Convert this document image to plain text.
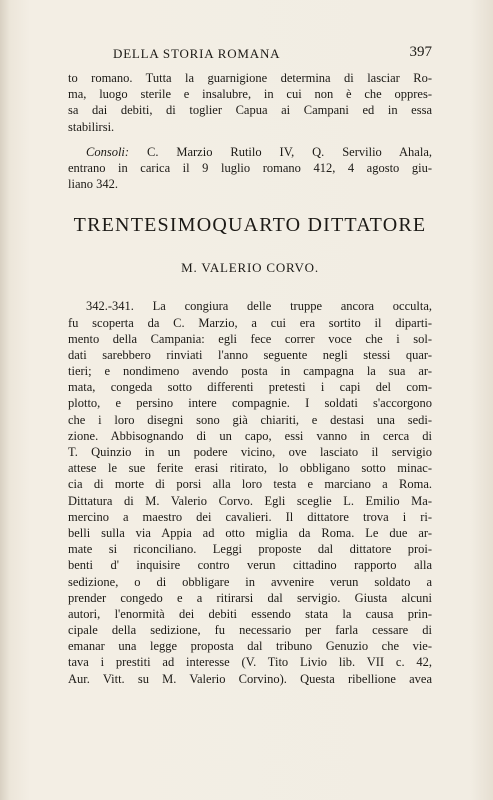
DELLA STORIA ROMANA	397
to romano. Tutta la guarnigione determina di lasciar Ro-
ma, luogo sterile e insalubre, in cui non è che oppres-
sa dai debiti, di toglier Capua ai Campani ed in essa
stabilirsi.
Consoli: C. Marzio Rutilo IV, Q. Servilio Ahala,
entrano in carica il 9 luglio romano 412, 4 agosto giu-
liano 342.
TRENTESIMOQUARTO DITTATORE
M. VALERIO CORVO.
342.-341. La congiura delle truppe ancora occulta,
fu scoperta da C. Marzio, a cui era sortito il diparti-
mento della Campania: egli fece correr voce che i sol-
dati sarebbero rinviati l'anno seguente negli stessi quar-
tieri; e nondimeno avendo posta in campagna la sua ar-
mata, congeda sotto differenti pretesti i capi del com-
plotto, e persino intere compagnie. I soldati s'accorgono
che i loro disegni sono già chiariti, e destasi una sedi-
zione. Abbisognando di un capo, essi vanno in cerca di
T. Quinzio in un podere vicino, ove lasciato il servigio
attese le sue ferite erasi ritirato, lo obbligano sotto minac-
cia di morte di porsi alla loro testa e marciano a Roma.
Dittatura di M. Valerio Corvo. Egli sceglie L. Emilio Ma-
mercino a maestro dei cavalieri. Il dittatore trova i ri-
belli sulla via Appia ad otto miglia da Roma. Le due ar-
mate si riconciliano. Leggi proposte dal dittatore proi-
benti d' inquisire contro verun cittadino rapporto alla
sedizione, o di obbligare in avvenire verun soldato a
prender congedo e a ritirarsi dal servigio. Giusta alcuni
autori, l'enormità dei debiti essendo stata la causa prin-
cipale della sedizione, fu necessario per farla cessare di
emanar una legge proposta dal tribuno Genuzio che vie-
tava i prestiti ad interesse (V. Tito Livio lib. VII c. 42,
Aur. Vitt. su M. Valerio Corvino). Questa ribellione avea
